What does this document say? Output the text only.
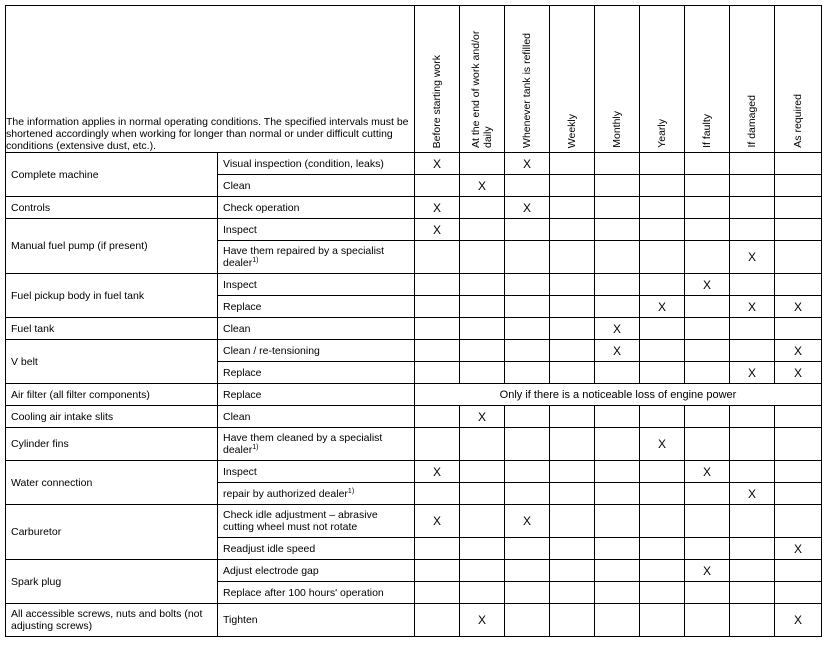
The information applies in normal operating conditions. The specified intervals must be shortened accordingly when working for longer than normal or under difficult cutting conditions (extensive dust, etc.).		Before starting work	At the end of work and/or daily	Whenever tank is refilled	Weekly	Monthly	Yearly	If faulty	If damaged	As required

Complete machine	Visual inspection (condition, leaks)	X		X						
	Clean		X							
Controls	Check operation	X		X						
Manual fuel pump (if present)	Inspect	X								
	Have them repaired by a specialist dealer$^{1)}$								X	
Fuel pickup body in fuel tank	Inspect							X		
	Replace						X		X	X
Fuel tank	Clean					X				
V belt	Clean / re-tensioning					X				X
	Replace								X	X
Air filter (all filter components)	Replace	Only if there is a noticeable loss of engine power								
Cooling air intake slits	Clean		X							
Cylinder fins	Have them cleaned by a specialist dealer$^{1)}$						X			
Water connection	Inspect	X						X		
	repair by authorized dealer$^{1)}$								X	
Carburetor	Check idle adjustment – abrasive cutting wheel must not rotate	X		X						
	Readjust idle speed									X
Spark plug	Adjust electrode gap							X		
	Replace after 100 hours' operation									
All accessible screws, nuts and bolts (not adjusting screws)	Tighten		X							X
